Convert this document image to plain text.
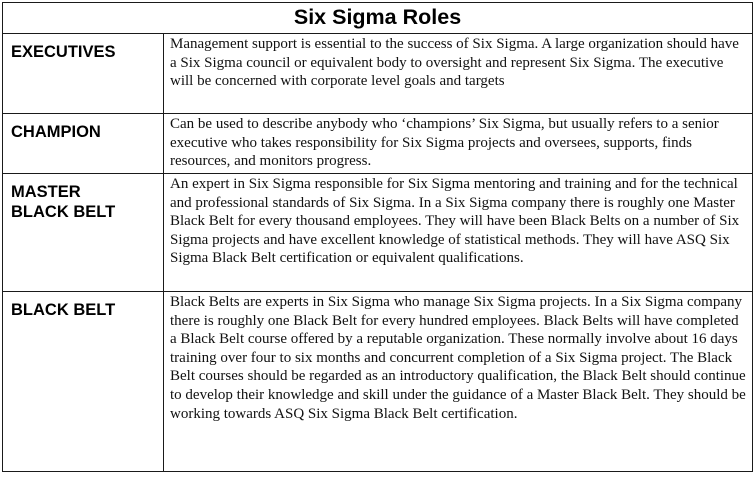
Six Sigma Roles	
EXECUTIVES	Management support is essential to the success of Six Sigma. A large organization should have a Six Sigma council or equivalent body to oversight and represent Six Sigma. The executive will be concerned with corporate level goals and targets
CHAMPION	Can be used to describe anybody who ‘champions’ Six Sigma, but usually refers to a senior executive who takes responsibility for Six Sigma projects and oversees, supports, finds resources, and monitors progress.
MASTER BLACK BELT	An expert in Six Sigma responsible for Six Sigma mentoring and training and for the technical and professional standards of Six Sigma. In a Six Sigma company there is roughly one Master Black Belt for every thousand employees. They will have been Black Belts on a number of Six Sigma projects and have excellent knowledge of statistical methods. They will have ASQ Six Sigma Black Belt certification or equivalent qualifications.
BLACK BELT	Black Belts are experts in Six Sigma who manage Six Sigma projects. In a Six Sigma company there is roughly one Black Belt for every hundred employees. Black Belts will have completed a Black Belt course offered by a reputable organization. These normally involve about 16 days training over four to six months and concurrent completion of a Six Sigma project. The Black Belt courses should be regarded as an introductory qualification, the Black Belt should continue to develop their knowledge and skill under the guidance of a Master Black Belt. They should be working towards ASQ Six Sigma Black Belt certification.
